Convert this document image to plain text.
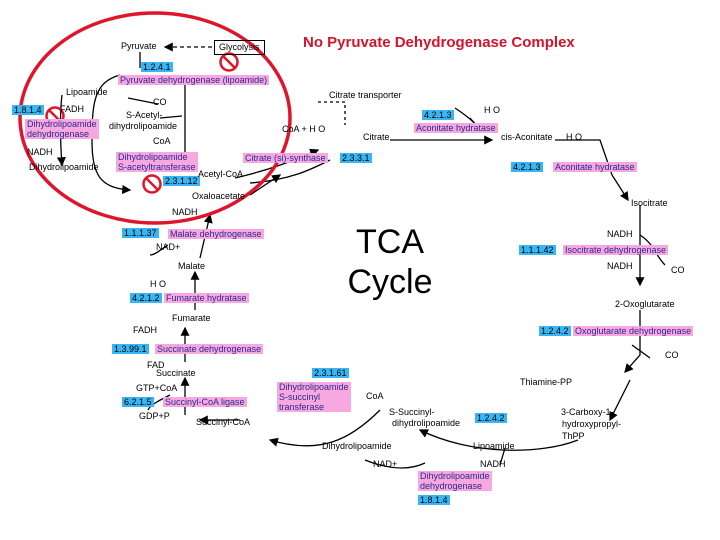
No Pyruvate Dehydrogenase Complex
TCA
Cycle
Pyruvate	Glycolysis
1.2.4.1
Pyruvate dehydrogenase (lipoamide)
Lipoamide
FADH
CO
1.8.1.4	S-Acetyl-
Dihydrolipoamide
dehydrogenase
dihydrolipoamide
CoA
NADH	Dihydrolipoamide
S-acetyltransferase
Dihydrolipoamide
2.3.1.12
Citrate transporter
4.2.1.3	H O
Aconitate hydratase
CoA + H O
Citrate	cis-Aconitate H O
Citrate (si)-synthase 2.3.3.1
4.2.1.3 Aconitate hydratase
Acetyl-CoA
Oxaloacetate
Isocitrate
NADH
1.1.1.37 Malate dehydrogenase	NADH
NAD+	1.1.1.42 Isocitrate dehydrogenase
Malate	NADH	CO
H O
4.2.1.2 Fumarate hydratase
2-Oxoglutarate
Fumarate
1.2.4.2 Oxoglutarate dehydrogenase
FADH
1.3.99.1 Succinate dehydrogenase
CO
FAD
2.3.1.61
Succinate
Thiamine-PP
GTP+CoA	Dihydrolipoamide
S-succinyl
transferase
CoA
6.2.1.5 Succinyl-CoA ligase
S-Succinyl-	3-Carboxy-1-
GDP+P
Succinyl-CoA	1.2.4.2
dihydrolipoamide	hydroxypropyl-
ThPP
Dihydrolipoamide	Lipoamide
NAD+	NADH
Dihydrolipoamide
dehydrogenase
1.8.1.4
